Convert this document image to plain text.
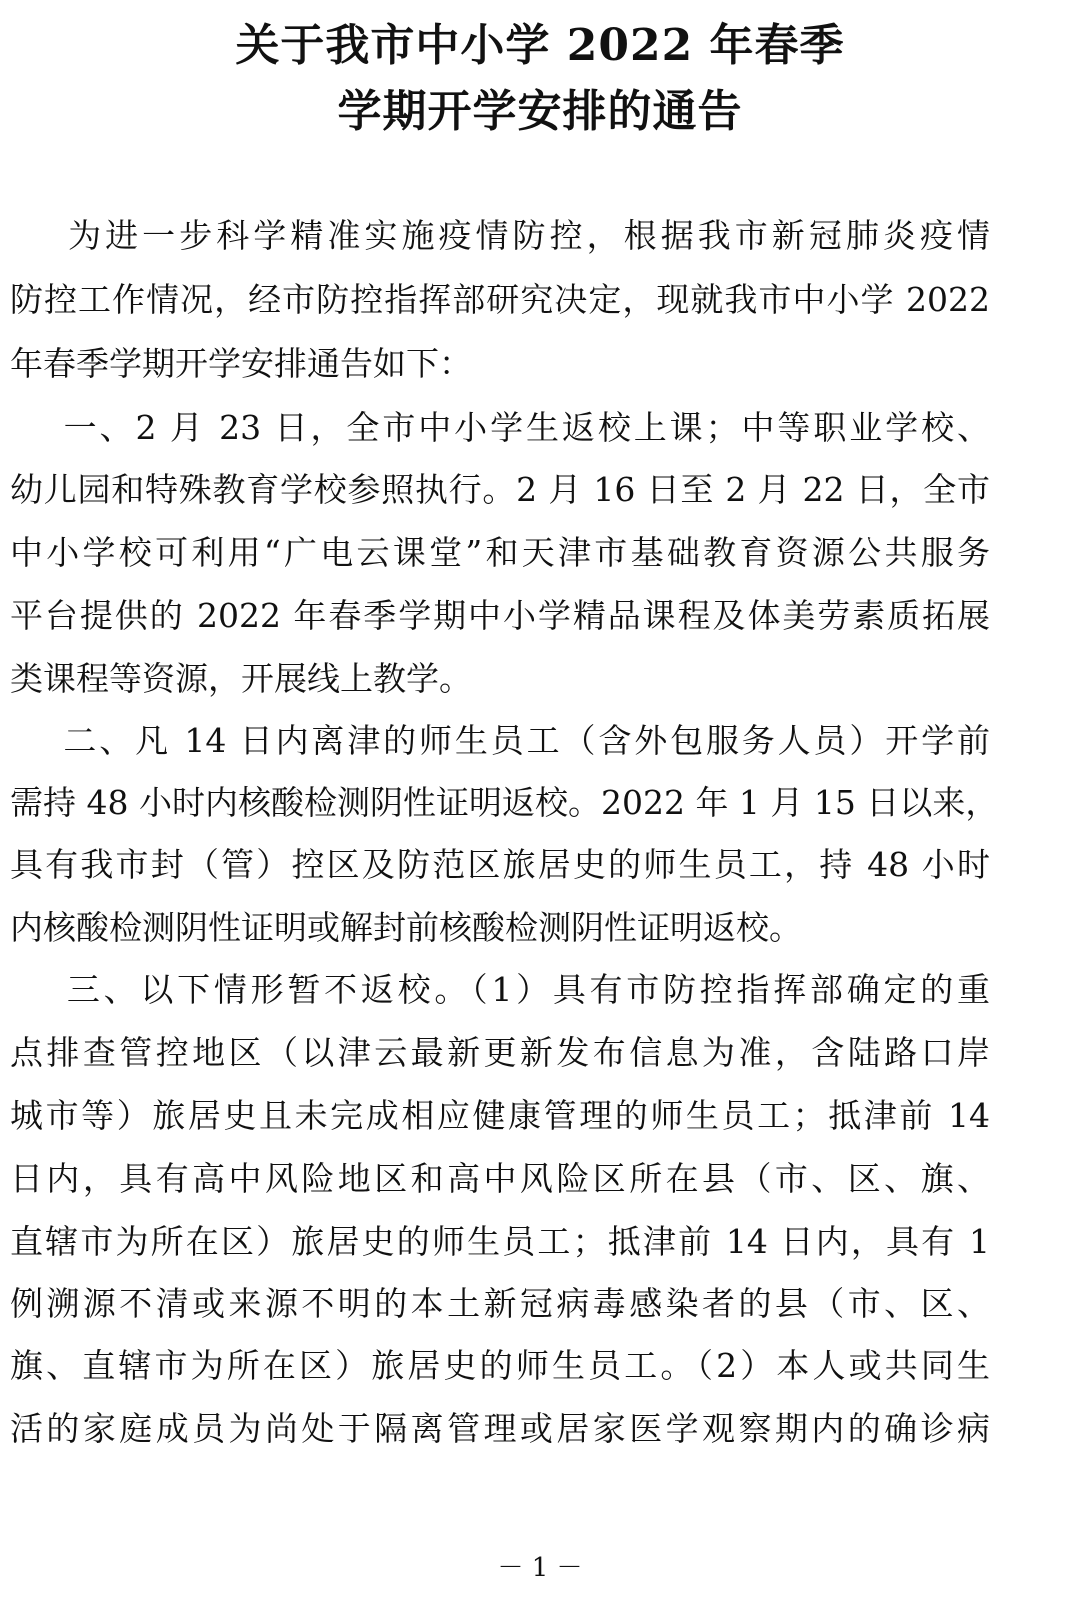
关于我市中小学 2022 年春季
学期开学安排的通告

为进一步科学精准实施疫情防控，根据我市新冠肺炎疫情

防控工作情况，经市防控指挥部研究决定，现就我市中小学 2022

年春季学期开学安排通告如下：

一、2 月 23 日，全市中小学生返校上课；中等职业学校、

幼儿园和特殊教育学校参照执行。2 月 16 日至 2 月 22 日，全市

中小学校可利用“广电云课堂”和天津市基础教育资源公共服务

平台提供的 2022 年春季学期中小学精品课程及体美劳素质拓展

类课程等资源，开展线上教学。

二、凡 14 日内离津的师生员工（含外包服务人员）开学前

需持 48 小时内核酸检测阴性证明返校。2022 年 1 月 15 日以来，

具有我市封（管）控区及防范区旅居史的师生员工，持 48 小时

内核酸检测阴性证明或解封前核酸检测阴性证明返校。

三、以下情形暂不返校。（1）具有市防控指挥部确定的重

点排查管控地区（以津云最新更新发布信息为准，含陆路口岸

城市等）旅居史且未完成相应健康管理的师生员工；抵津前 14

日内，具有高中风险地区和高中风险区所在县（市、区、旗、

直辖市为所在区）旅居史的师生员工；抵津前 14 日内，具有 1

例溯源不清或来源不明的本土新冠病毒感染者的县（市、区、

旗、直辖市为所在区）旅居史的师生员工。（2）本人或共同生

活的家庭成员为尚处于隔离管理或居家医学观察期内的确诊病

－ 1 －
